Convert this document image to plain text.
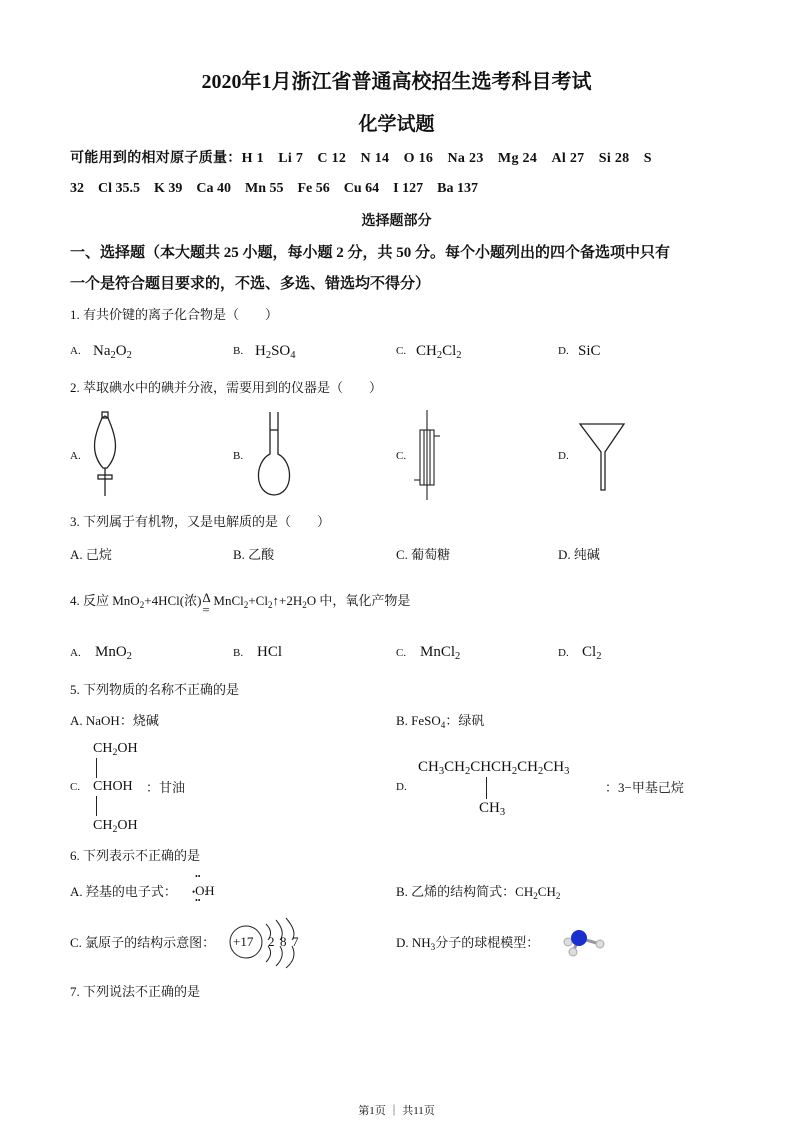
2020年1月浙江省普通高校招生选考科目考试
化学试题
可能用到的相对原子质量：H 1　Li 7　C 12　N 14　O 16　Na 23　Mg 24　Al 27　Si 28　S
32　Cl 35.5　K 39　Ca 40　Mn 55　Fe 56　Cu 64　I 127　Ba 137
选择题部分
一、选择题（本大题共 25 小题，每小题 2 分，共 50 分。每个小题列出的四个备选项中只有
一个是符合题目要求的，不选、多选、错选均不得分）
1. 有共价键的离子化合物是（　　）
A. $Na_2O_2$	B. $H_2SO_4$	C. $CH_2Cl_2$	D. SiC
2. 萃取碘水中的碘并分液，需要用到的仪器是（　　）
A.	B.	C.	D.
3. 下列属于有机物，又是电解质的是（　　）
A. 己烷	B. 乙酸	C. 葡萄糖	D. 纯碱
4. 反应 MnO$_2$+4HCl(浓) Δ
=
$MnCl_2+Cl_2↑+2H_2O$ 中，氧化产物是
A. MnO$_2$	B. HCl	C. MnCl$_2$	D. $Cl_2$
5. 下列物质的名称不正确的是
A. NaOH：烧碱	B. FeSO$_4$：绿矾
$CH_2OH$
C. CHOH ：甘油
$CH_2OH$
D.
$CH_3CH_2CHCH_2CH_2CH_3$
$CH_3$
：3−甲基己烷
6. 下列表示不正确的是
A. 羟基的电子式： •O:H
••
••
B. 乙烯的结构简式：$CH_2CH_2$
C. 氯原子的结构示意图： +17 2 8 7	D. $NH_3$分子的球棍模型：
7. 下列说法不正确的是
第1页 ｜ 共11页
